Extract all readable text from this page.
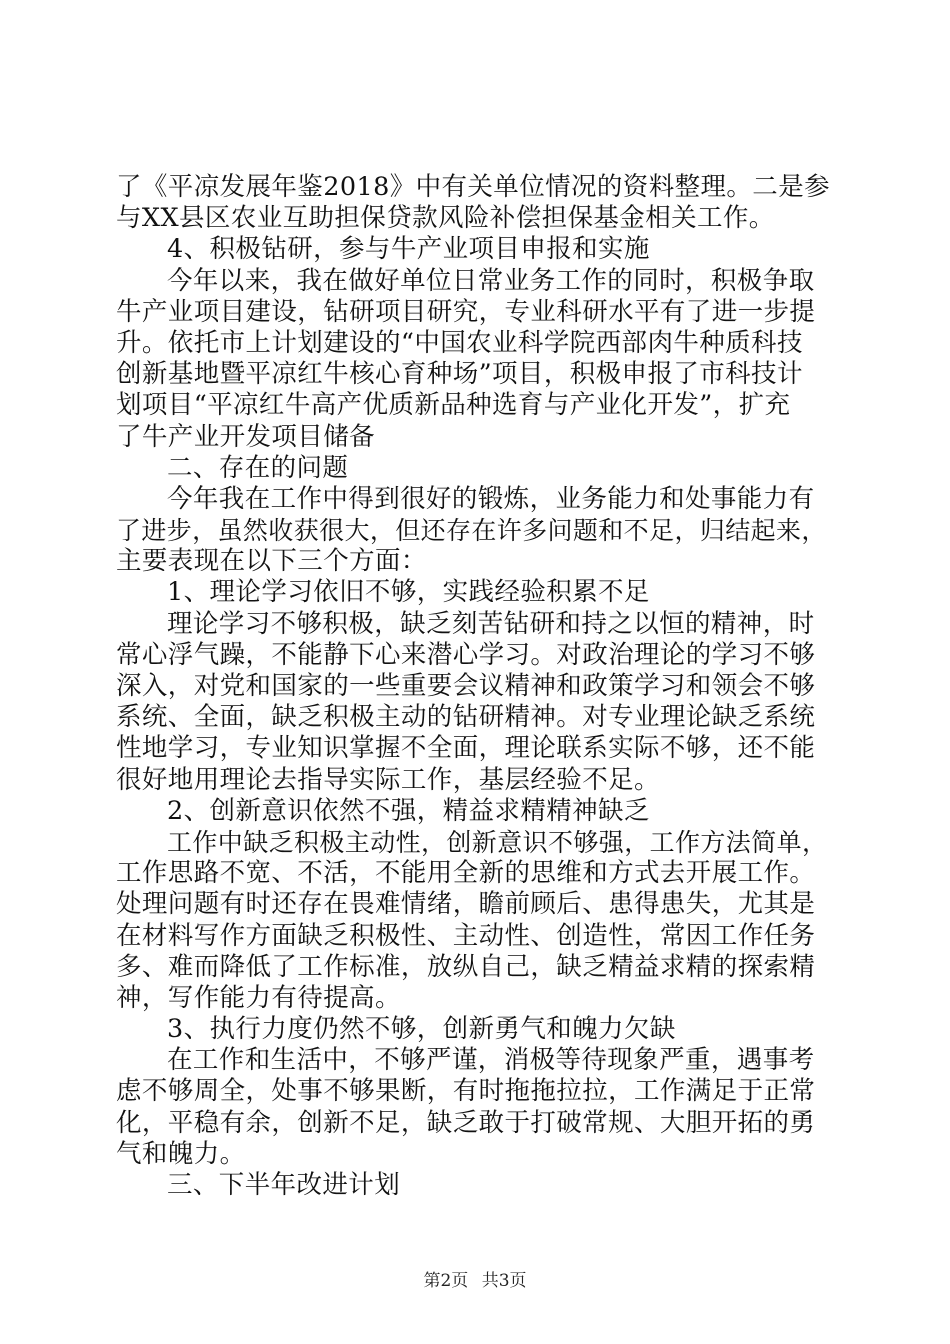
了《平凉发展年鉴2018》中有关单位情况的资料整理。二是参
与XX县区农业互助担保贷款风险补偿担保基金相关工作。
4、积极钻研，参与牛产业项目申报和实施
今年以来，我在做好单位日常业务工作的同时，积极争取
牛产业项目建设，钻研项目研究，专业科研水平有了进一步提
升。依托市上计划建设的“中国农业科学院西部肉牛种质科技
创新基地暨平凉红牛核心育种场”项目，积极申报了市科技计
划项目“平凉红牛高产优质新品种选育与产业化开发”，扩充
了牛产业开发项目储备
二、存在的问题
今年我在工作中得到很好的锻炼，业务能力和处事能力有
了进步，虽然收获很大，但还存在许多问题和不足，归结起来，
主要表现在以下三个方面：
1、理论学习依旧不够，实践经验积累不足
理论学习不够积极，缺乏刻苦钻研和持之以恒的精神，时
常心浮气躁，不能静下心来潜心学习。对政治理论的学习不够
深入，对党和国家的一些重要会议精神和政策学习和领会不够
系统、全面，缺乏积极主动的钻研精神。对专业理论缺乏系统
性地学习，专业知识掌握不全面，理论联系实际不够，还不能
很好地用理论去指导实际工作，基层经验不足。
2、创新意识依然不强，精益求精精神缺乏
工作中缺乏积极主动性，创新意识不够强，工作方法简单，
工作思路不宽、不活，不能用全新的思维和方式去开展工作。
处理问题有时还存在畏难情绪，瞻前顾后、患得患失，尤其是
在材料写作方面缺乏积极性、主动性、创造性，常因工作任务
多、难而降低了工作标准，放纵自己，缺乏精益求精的探索精
神，写作能力有待提高。
3、执行力度仍然不够，创新勇气和魄力欠缺
在工作和生活中，不够严谨，消极等待现象严重，遇事考
虑不够周全，处事不够果断，有时拖拖拉拉，工作满足于正常
化，平稳有余，创新不足，缺乏敢于打破常规、大胆开拓的勇
气和魄力。
三、下半年改进计划
第2页 共3页
